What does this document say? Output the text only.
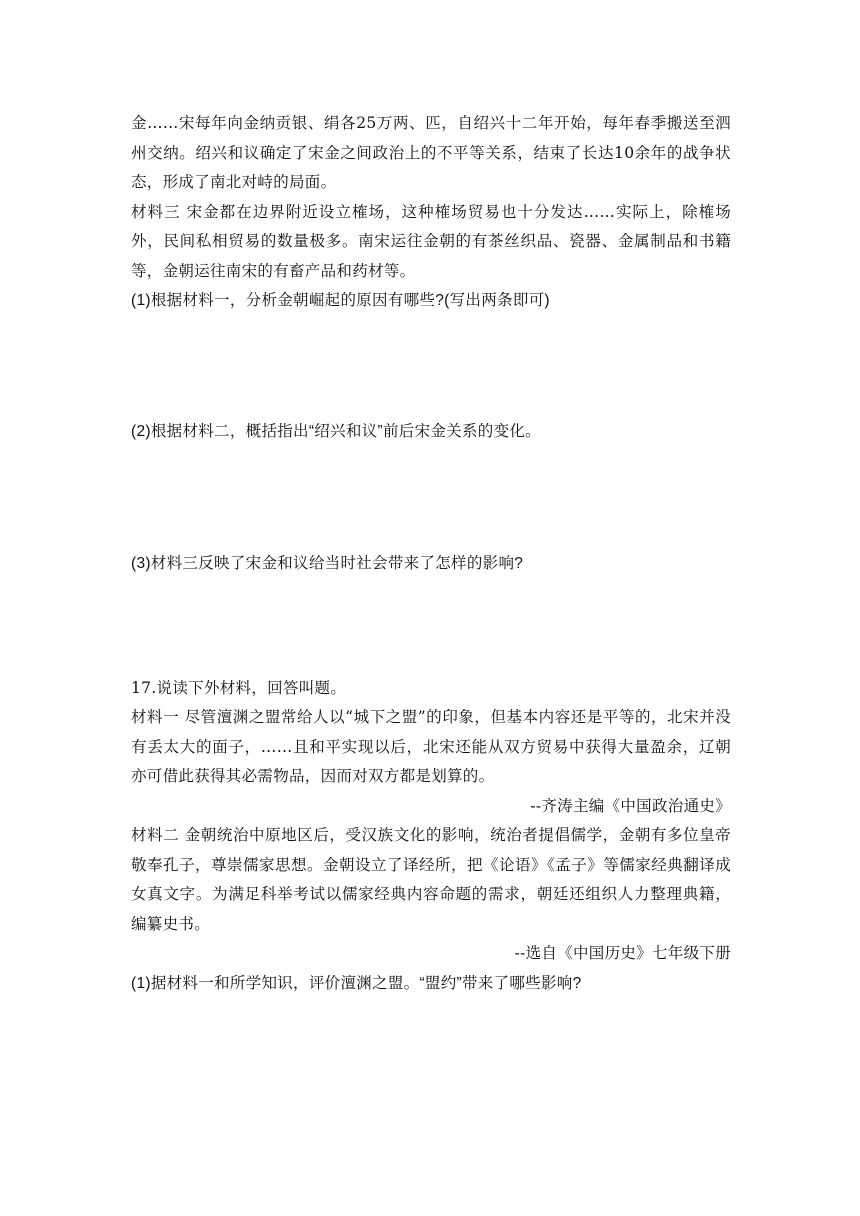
金……宋每年向金纳贡银、绢各25万两、匹，自绍兴十二年开始，每年春季搬送至泗州交纳。绍兴和议确定了宋金之间政治上的不平等关系，结束了长达10余年的战争状态，形成了南北对峙的局面。

材料三 宋金都在边界附近设立榷场，这种榷场贸易也十分发达……实际上，除榷场外，民间私相贸易的数量极多。南宋运往金朝的有茶丝织品、瓷器、金属制品和书籍等，金朝运往南宋的有畜产品和药材等。

(1)根据材料一，分析金朝崛起的原因有哪些?(写出两条即可)

(2)根据材料二，概括指出“绍兴和议”前后宋金关系的变化。

(3)材料三反映了宋金和议给当时社会带来了怎样的影响?

17.说读下外材料，回答叫题。

材料一 尽管澶渊之盟常给人以“城下之盟”的印象，但基本内容还是平等的，北宋并没有丢太大的面子，……且和平实现以后，北宋还能从双方贸易中获得大量盈余，辽朝亦可借此获得其必需物品，因而对双方都是划算的。

--齐涛主编《中国政治通史》

材料二 金朝统治中原地区后，受汉族文化的影响，统治者提倡儒学，金朝有多位皇帝敬奉孔子，尊崇儒家思想。金朝设立了译经所，把《论语》《孟子》等儒家经典翻译成女真文字。为满足科举考试以儒家经典内容命题的需求，朝廷还组织人力整理典籍，编纂史书。

--选自《中国历史》七年级下册

(1)据材料一和所学知识，评价澶渊之盟。“盟约”带来了哪些影响?
